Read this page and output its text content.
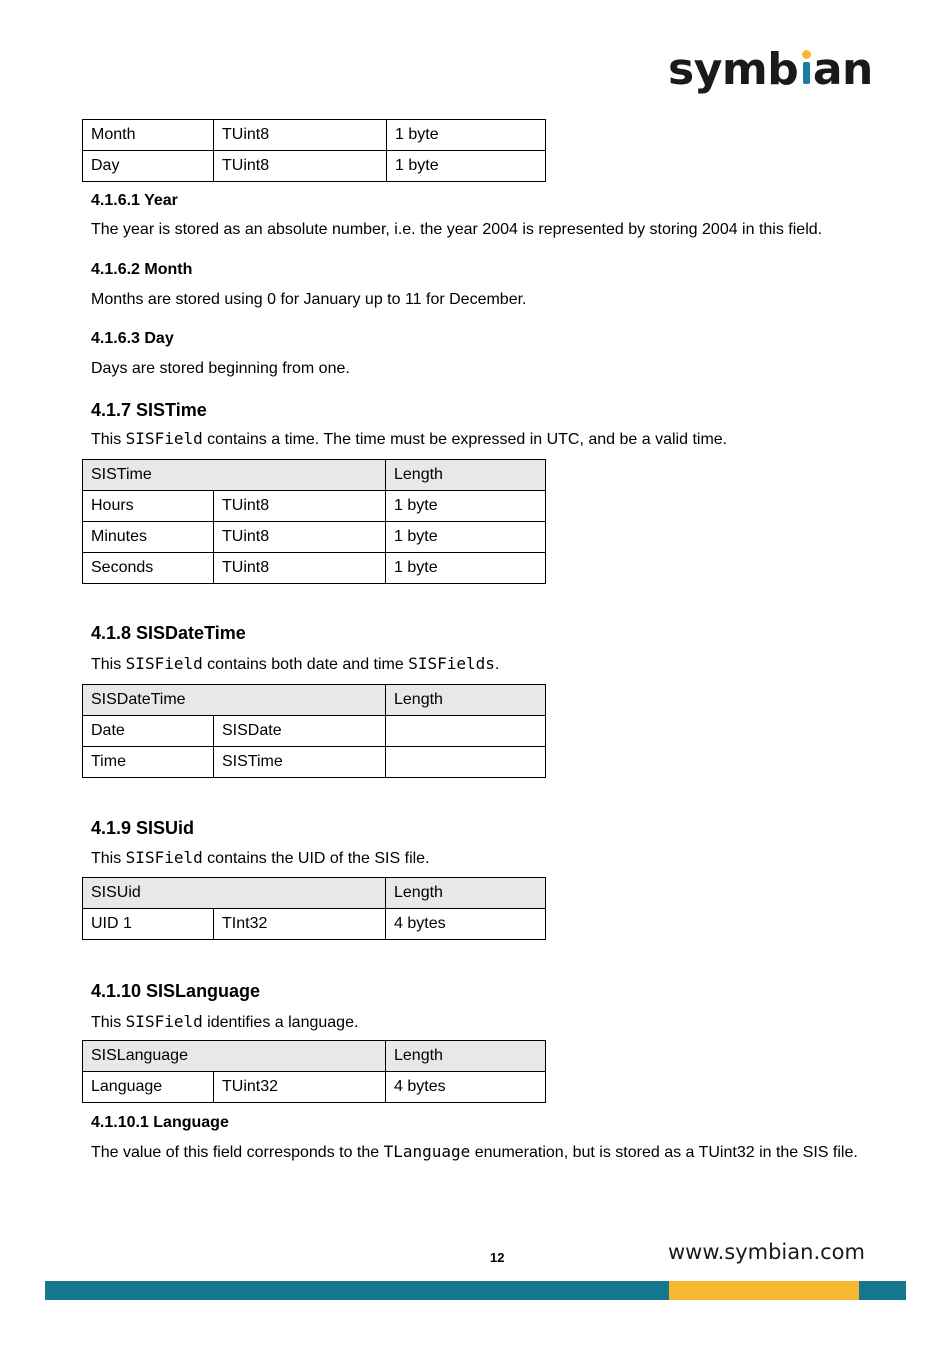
symb an
Month	TUint8	1 byte
Day	TUint8	1 byte
4.1.6.1 Year
The year is stored as an absolute number, i.e. the year 2004 is represented by storing 2004 in this field.
4.1.6.2 Month
Months are stored using 0 for January up to 11 for December.
4.1.6.3 Day
Days are stored beginning from one.
4.1.7 SISTime
This SISField contains a time. The time must be expressed in UTC, and be a valid time.
SISTime		Length
Hours	TUint8	1 byte
Minutes	TUint8	1 byte
Seconds	TUint8	1 byte
4.1.8 SISDateTime
This SISField contains both date and time SISFields.
SISDateTime		Length
Date	SISDate	
Time	SISTime	
4.1.9 SISUid
This SISField contains the UID of the SIS file.
SISUid		Length
UID 1	TInt32	4 bytes
4.1.10 SISLanguage
This SISField identifies a language.
SISLanguage		Length
Language	TUint32	4 bytes
4.1.10.1 Language
The value of this field corresponds to the TLanguage enumeration, but is stored as a TUint32 in the SIS file.
12	www.symbian.com
